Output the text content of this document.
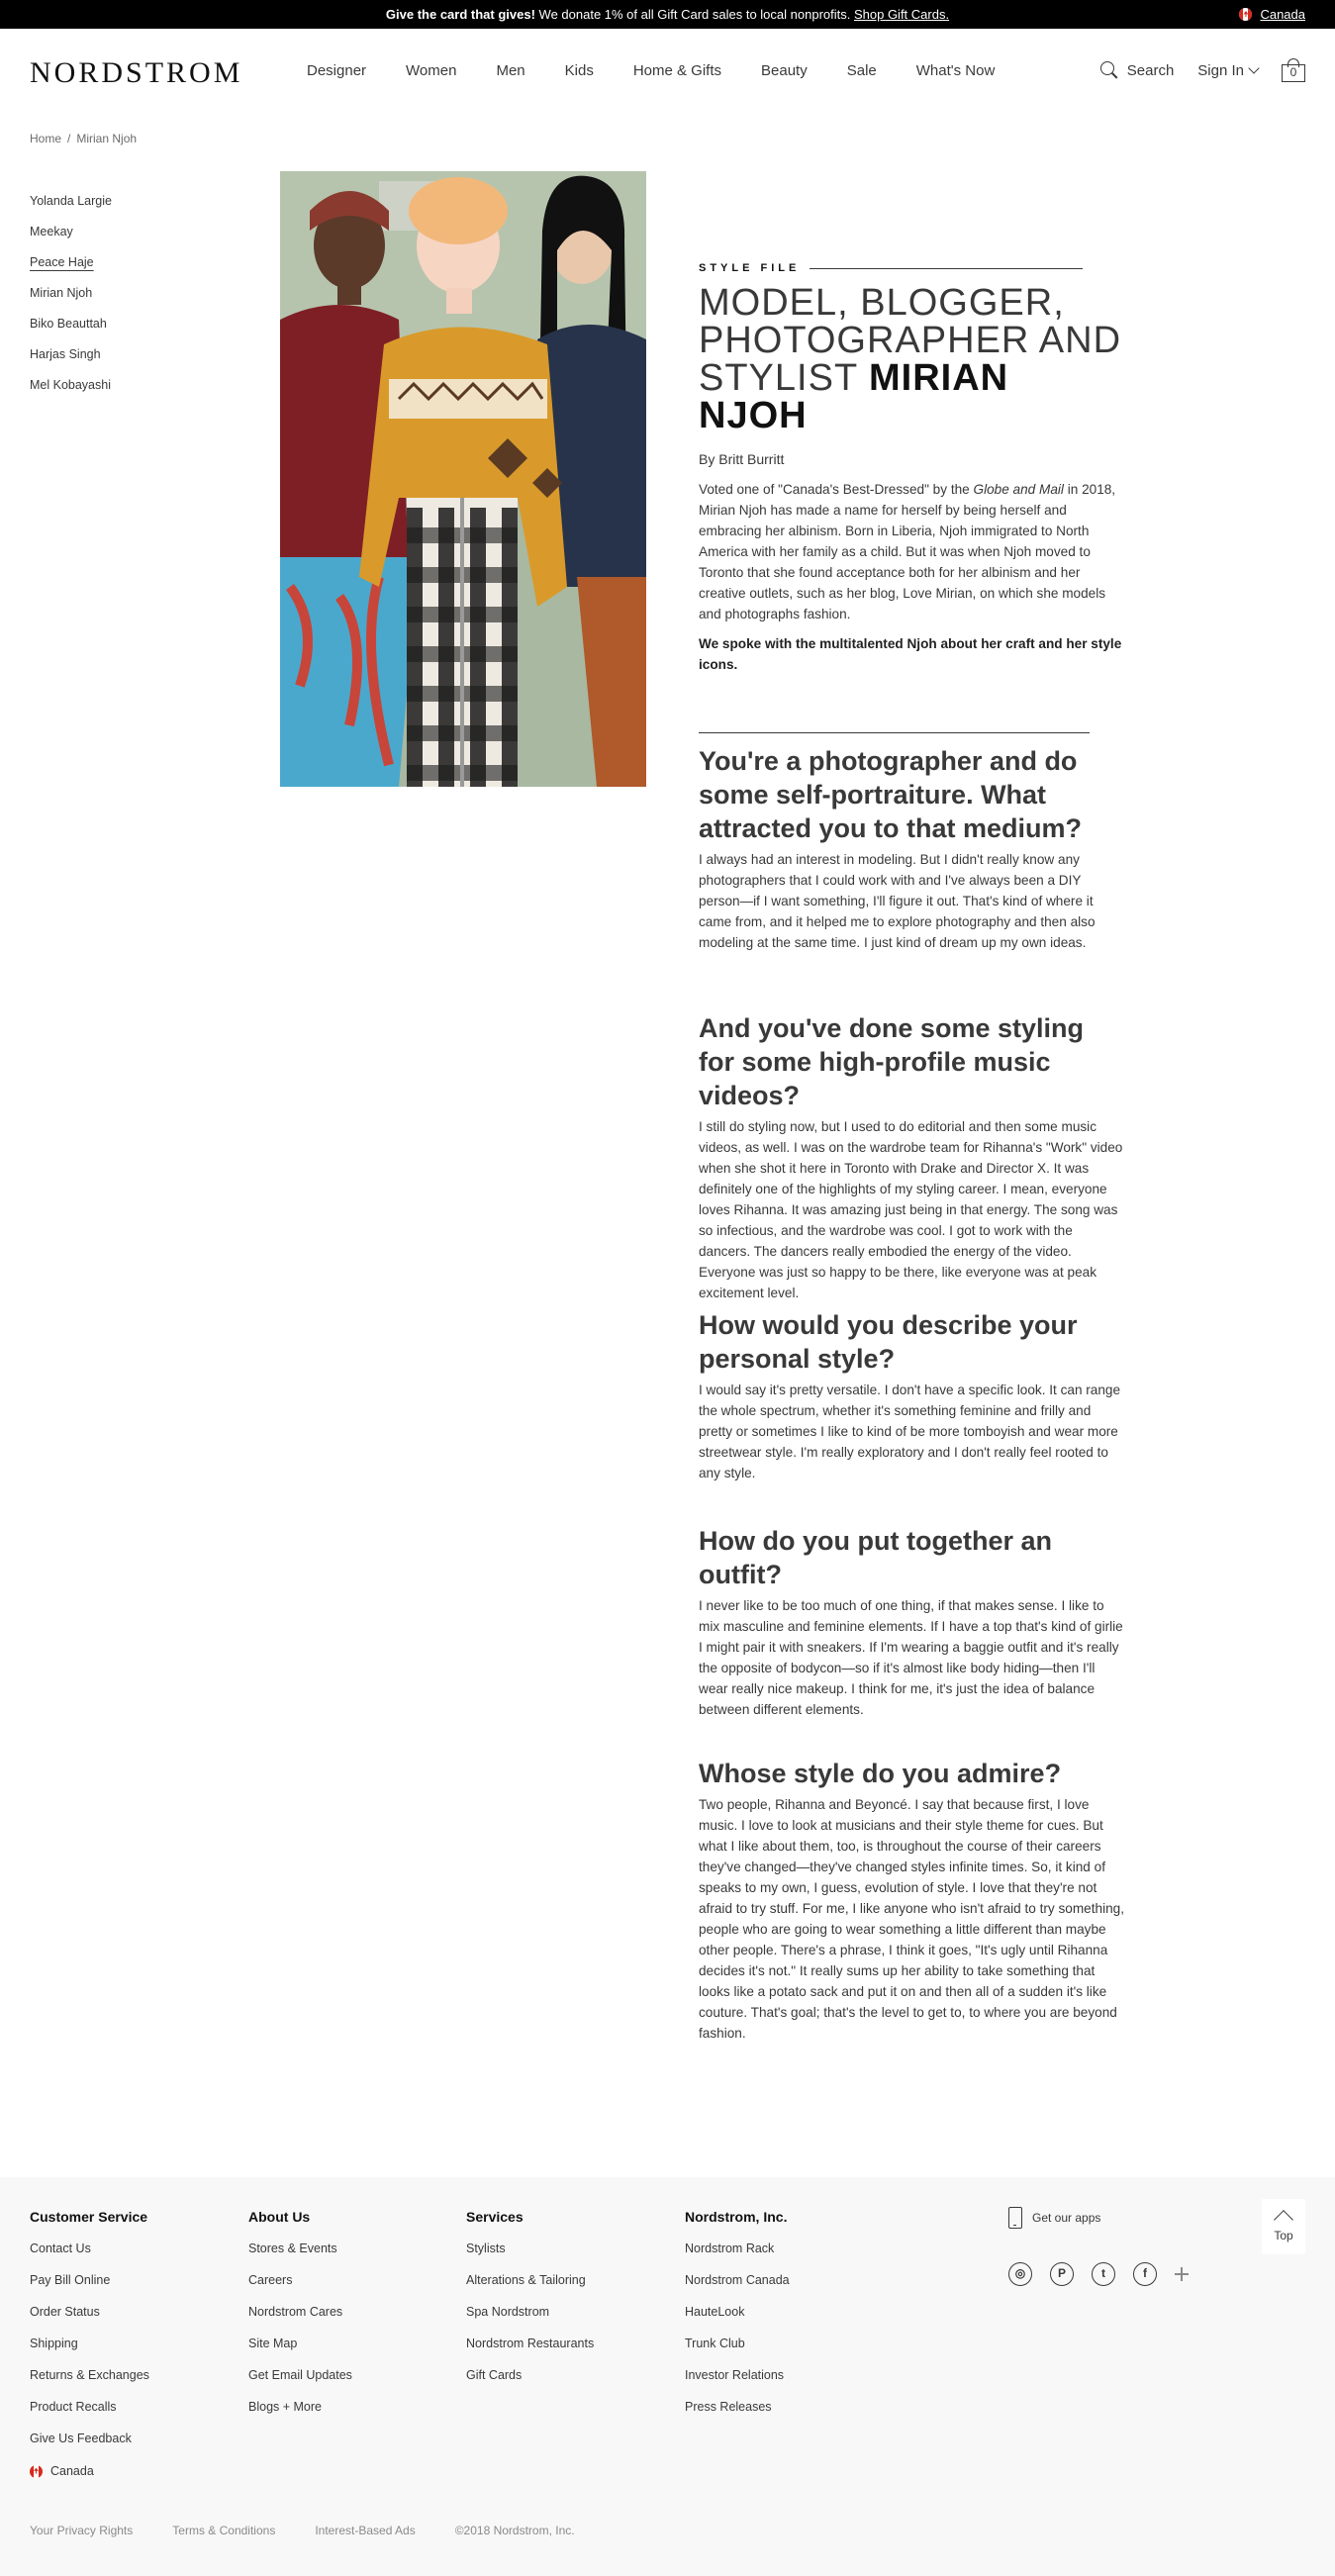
Give the card that gives! We donate 1% of all Gift Card sales to local nonprofits. Shop Gift Cards.	Canada
NORDSTROM	Designer	Women	Men	Kids	Home & Gifts	Beauty	Sale	What's Now	Search Sign In	0
Home / Mirian Njoh
Yolanda Largie
Meekay
Peace Haje
Mirian Njoh
Biko Beauttah
Harjas Singh
Mel Kobayashi
STYLE FILE
MODEL, BLOGGER, PHOTOGRAPHER AND STYLIST MIRIAN NJOH
By Britt Burritt

Voted one of "Canada's Best-Dressed" by the Globe and Mail in 2018, Mirian Njoh has made a name for herself by being herself and embracing her albinism. Born in Liberia, Njoh immigrated to North America with her family as a child. But it was when Njoh moved to Toronto that she found acceptance both for her albinism and her creative outlets, such as her blog, Love Mirian, on which she models and photographs fashion.

We spoke with the multitalented Njoh about her craft and her style icons.

You're a photographer and do some self-portraiture. What attracted you to that medium?

I always had an interest in modeling. But I didn't really know any photographers that I could work with and I've always been a DIY person—if I want something, I'll figure it out. That's kind of where it came from, and it helped me to explore photography and then also modeling at the same time. I just kind of dream up my own ideas.

And you've done some styling for some high-profile music videos?

I still do styling now, but I used to do editorial and then some music videos, as well. I was on the wardrobe team for Rihanna's "Work" video when she shot it here in Toronto with Drake and Director X. It was definitely one of the highlights of my styling career. I mean, everyone loves Rihanna. It was amazing just being in that energy. The song was so infectious, and the wardrobe was cool. I got to work with the dancers. The dancers really embodied the energy of the video. Everyone was just so happy to be there, like everyone was at peak excitement level.

How would you describe your personal style?

I would say it's pretty versatile. I don't have a specific look. It can range the whole spectrum, whether it's something feminine and frilly and pretty or sometimes I like to kind of be more tomboyish and wear more streetwear style. I'm really exploratory and I don't really feel rooted to any style.

How do you put together an outfit?

I never like to be too much of one thing, if that makes sense. I like to mix masculine and feminine elements. If I have a top that's kind of girlie I might pair it with sneakers. If I'm wearing a baggie outfit and it's really the opposite of bodycon—so if it's almost like body hiding—then I'll wear really nice makeup. I think for me, it's just the idea of balance between different elements.

Whose style do you admire?

Two people, Rihanna and Beyoncé. I say that because first, I love music. I love to look at musicians and their style theme for cues. But what I like about them, too, is throughout the course of their careers they've changed—they've changed styles infinite times. So, it kind of speaks to my own, I guess, evolution of style. I love that they're not afraid to try stuff. For me, I like anyone who isn't afraid to try something, people who are going to wear something a little different than maybe other people. There's a phrase, I think it goes, "It's ugly until Rihanna decides it's not." It really sums up her ability to take something that looks like a potato sack and put it on and then all of a sudden it's like couture. That's goal; that's the level to get to, to where you are beyond fashion.

Customer Service
Contact Us
Pay Bill Online
Order Status
Shipping
Returns & Exchanges
Product Recalls
Give Us Feedback
Canada
About Us
Stores & Events
Careers
Nordstrom Cares
Site Map
Get Email Updates
Blogs + More
Services
Stylists
Alterations & Tailoring
Spa Nordstrom
Nordstrom Restaurants
Gift Cards
Nordstrom, Inc.
Nordstrom Rack
Nordstrom Canada
HauteLook
Trunk Club
Investor Relations
Press Releases
Get our apps
◎	P	t	f
Top
Your Privacy Rights	Terms & Conditions	Interest-Based Ads	©2018 Nordstrom, Inc.
